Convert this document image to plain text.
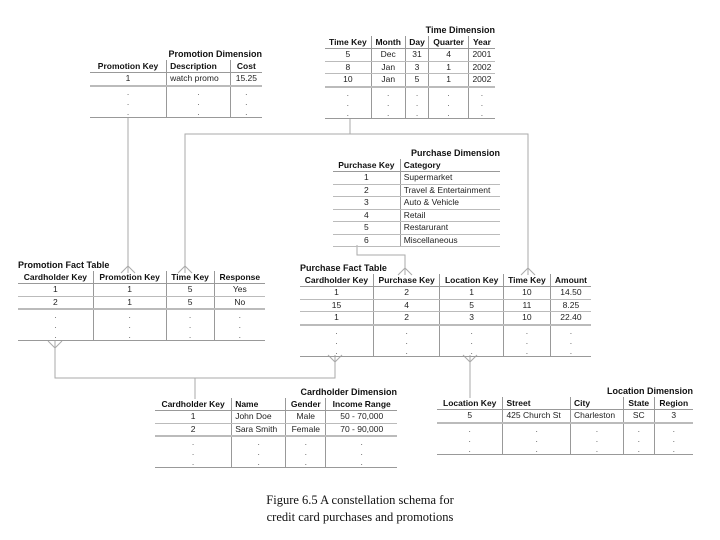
Promotion Dimension
Promotion Key	Description	Cost
1	watch promo	15.25
.	.	.
.	.	.
.	.	.
Time Dimension
Time Key	Month	Day	Quarter	Year
5	Dec	31	4	2001
8	Jan	3	1	2002
10	Jan	5	1	2002
.	.	.	.	.
.	.	.	.	.
.	.	.	.	.
Purchase Dimension
Purchase Key	Category
1	Supermarket
2	Travel & Entertainment
3	Auto & Vehicle
4	Retail
5	Restarurant
6	Miscellaneous
Promotion Fact Table
Cardholder Key	Promotion Key	Time Key	Response
1	1	5	Yes
2	1	5	No
.	.	.	.
.	.	.	.
.	.	.	.
Purchase Fact Table
Cardholder Key	Purchase Key	Location Key	Time Key	Amount
1	2	1	10	14.50
15	4	5	11	8.25
1	2	3	10	22.40
.	.	.	.	.
.	.	.	.	.
.	.	.	.	.
Cardholder Dimension
Cardholder Key	Name	Gender	Income Range
1	John Doe	Male	50 - 70,000
2	Sara Smith	Female	70 - 90,000
.	.	.	.
.	.	.	.
.	.	.	.
Location Dimension
Location Key	Street	City	State	Region
5	425 Church St	Charleston	SC	3
.	.	.	.	.
.	.	.	.	.
.	.	.	.	.
Figure 6.5 A constellation schema for
credit card purchases and promotions
